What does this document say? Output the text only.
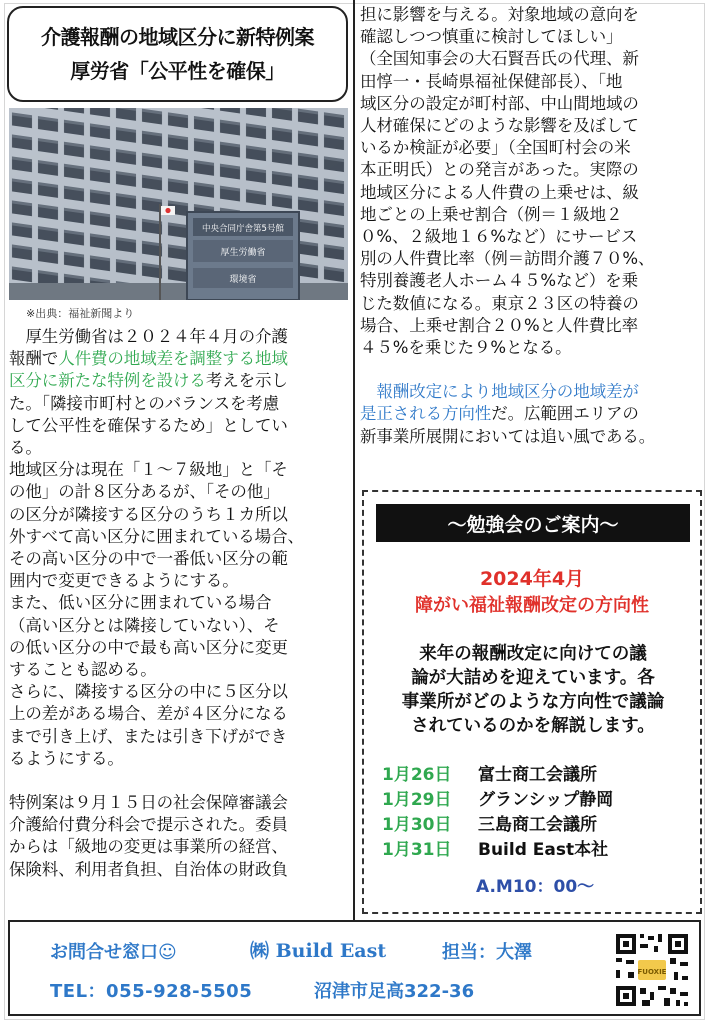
介護報酬の地域区分に新特例案
厚労省「公平性を確保」
中央合同庁舎第5号館
厚生労働省
環境省
※出典：福祉新聞より

　厚生労働省は２０２４年４月の介護

報酬で人件費の地域差を調整する地域

区分に新たな特例を設ける考えを示し

た。「隣接市町村とのバランスを考慮

して公平性を確保するため」としてい

る。

地域区分は現在「１～７級地」と「そ

の他」の計８区分あるが、「その他」

の区分が隣接する区分のうち１カ所以

外すべて高い区分に囲まれている場合、

その高い区分の中で一番低い区分の範

囲内で変更できるようにする。

また、低い区分に囲まれている場合

（高い区分とは隣接していない）、そ

の低い区分の中で最も高い区分に変更

することも認める。

さらに、隣接する区分の中に５区分以

上の差がある場合、差が４区分になる

まで引き上げ、または引き下げができ

るようにする。

特例案は９月１５日の社会保障審議会

介護給付費分科会で提示された。委員

からは「級地の変更は事業所の経営、

保険料、利用者負担、自治体の財政負

担に影響を与える。対象地域の意向を

確認しつつ慎重に検討してほしい」

（全国知事会の大石賢吾氏の代理、新

田惇一・長崎県福祉保健部長）、「地

域区分の設定が町村部、中山間地域の

人材確保にどのような影響を及ぼして

いるか検証が必要」（全国町村会の米

本正明氏）との発言があった。実際の

地域区分による人件費の上乗せは、級

地ごとの上乗せ割合（例＝１級地２

０%、２級地１６%など）にサービス

別の人件費比率（例＝訪問介護７０%、

特別養護老人ホーム４５%など）を乗

じた数値になる。東京２３区の特養の

場合、上乗せ割合２０%と人件費比率

４５%を乗じた９%となる。

　報酬改定により地域区分の地域差が

是正される方向性だ。広範囲エリアの

新事業所展開においては追い風である。

～勉強会のご案内～
2024年4月
障がい福祉報酬改定の方向性
来年の報酬改定に向けての議
論が大詰めを迎えています。各
事業所がどのような方向性で議論
されているのかを解説します。
1月26日 富士商工会議所
1月29日 グランシップ静岡
1月30日 三島商工会議所
1月31日 Build East本社
A.M10：00～
お問合せ窓口☺	㈱ Build East	担当：大澤
TEL：055-928-5505	沼津市足高322-36
FUOXIE
